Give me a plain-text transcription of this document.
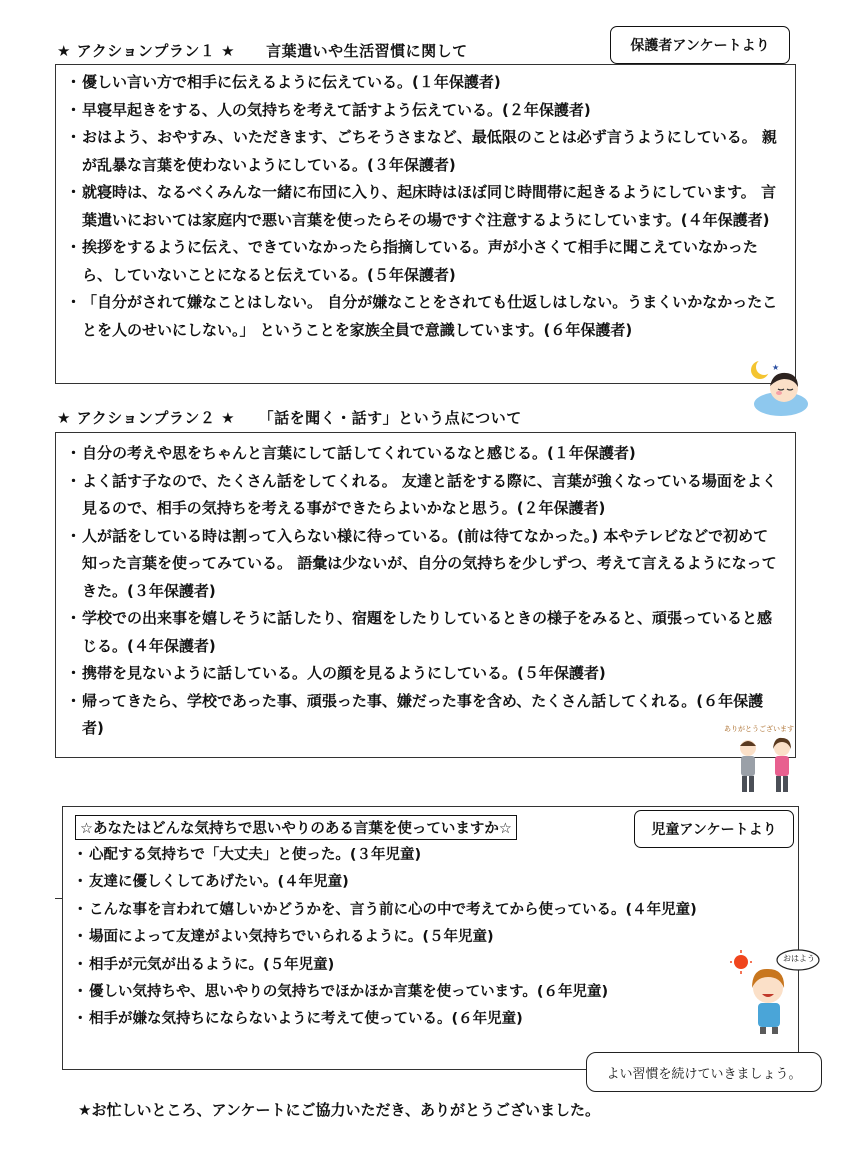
★ アクションプラン１ ★　　言葉遣いや生活習慣に関して	保護者アンケートより
・ 優しい言い方で相手に伝えるように伝えている。(１年保護者)
・ 早寝早起きをする、人の気持ちを考えて話すよう伝えている。(２年保護者)
・ おはよう、おやすみ、いただきます、ごちそうさまなど、最低限のことは必ず言うようにしている。 親が乱暴な言葉を使わないようにしている。(３年保護者)
・ 就寝時は、なるべくみんな一緒に布団に入り、起床時はほぼ同じ時間帯に起きるようにしています。 言葉遣いにおいては家庭内で悪い言葉を使ったらその場ですぐ注意するようにしています。(４年保護者)
・ 挨拶をするように伝え、できていなかったら指摘している。声が小さくて相手に聞こえていなかったら、していないことになると伝えている。(５年保護者)
・ 「自分がされて嫌なことはしない。 自分が嫌なことをされても仕返しはしない。うまくいかなかったことを人のせいにしない。」 ということを家族全員で意識しています。(６年保護者)
★
★ アクションプラン２ ★　　「話を聞く・話す」という点について
・ 自分の考えや思をちゃんと言葉にして話してくれているなと感じる。(１年保護者)
・ よく話す子なので、たくさん話をしてくれる。 友達と話をする際に、言葉が強くなっている場面をよく見るので、相手の気持ちを考える事ができたらよいかなと思う。(２年保護者)
・ 人が話をしている時は割って入らない様に待っている。(前は待てなかった。) 本やテレビなどで初めて知った言葉を使ってみている。 語彙は少ないが、自分の気持ちを少しずつ、考えて言えるようになってきた。(３年保護者)
・ 学校での出来事を嬉しそうに話したり、宿題をしたりしているときの様子をみると、頑張っていると感じる。(４年保護者)
・ 携帯を見ないように話している。人の顔を見るようにしている。(５年保護者)
・ 帰ってきたら、学校であった事、頑張った事、嫌だった事を含め、たくさん話してくれる。(６年保護者)	ありがとうございます
☆あなたはどんな気持ちで思いやりのある言葉を使っていますか☆
・ 心配する気持ちで「大丈夫」と使った。(３年児童)
・ 友達に優しくしてあげたい。(４年児童)
・ こんな事を言われて嬉しいかどうかを、言う前に心の中で考えてから使っている。(４年児童)
・ 場面によって友達がよい気持ちでいられるように。(５年児童)
・ 相手が元気が出るように。(５年児童)
・ 優しい気持ちや、思いやりの気持ちでほかほか言葉を使っています。(６年児童)
・ 相手が嫌な気持ちにならないように考えて使っている。(６年児童)
児童アンケートより
おはよう
よい習慣を続けていきましょう。
★お忙しいところ、アンケートにご協力いただき、ありがとうございました。
